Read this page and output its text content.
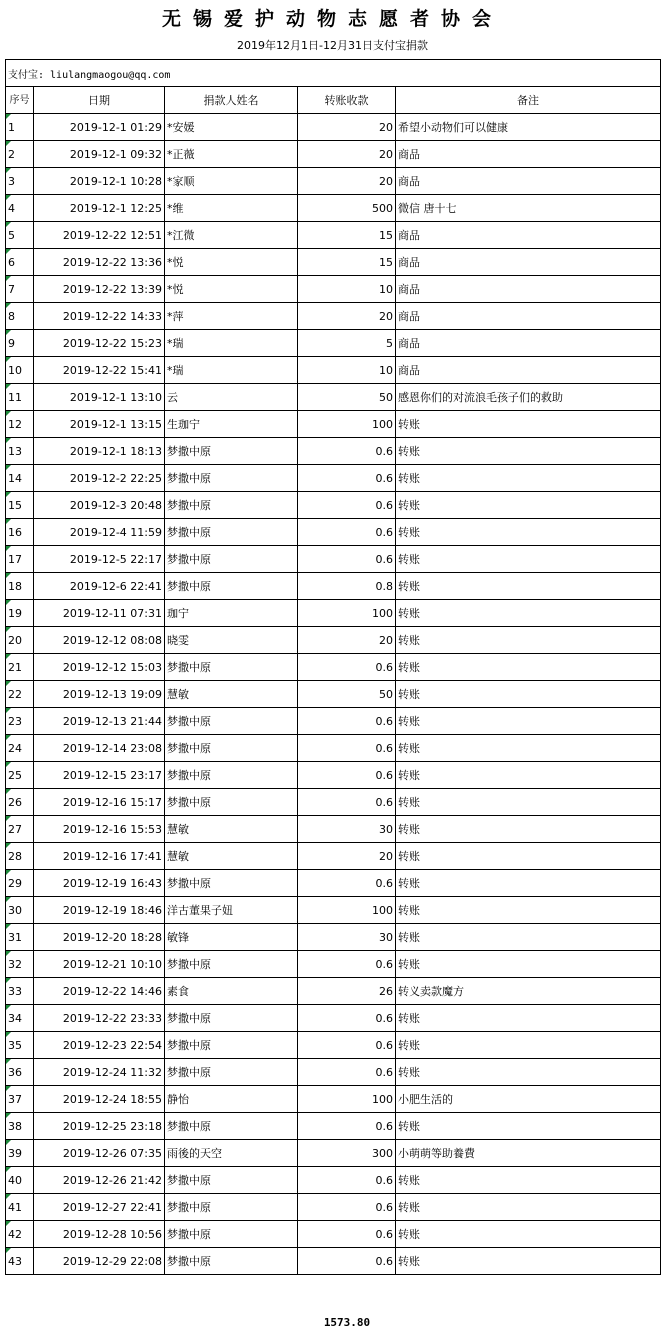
无锡爱护动物志愿者协会
2019年12月1日-12月31日支付宝捐款
支付宝: liulangmaogou@qq.com				
序号	日期	捐款人姓名	转账收款	备注
1	2019-12-1 01:29	*安媛	20	希望小动物们可以健康
2	2019-12-1 09:32	*正薇	20	商品
3	2019-12-1 10:28	*家顺	20	商品
4	2019-12-1 12:25	*维	500	微信 唐十七
5	2019-12-22 12:51	*江微	15	商品
6	2019-12-22 13:36	*悦	15	商品
7	2019-12-22 13:39	*悦	10	商品
8	2019-12-22 14:33	*萍	20	商品
9	2019-12-22 15:23	*瑞	5	商品
10	2019-12-22 15:41	*瑞	10	商品
11	2019-12-1 13:10	云	50	感恩你们的对流浪毛孩子们的救助
12	2019-12-1 13:15	生珈宁	100	转账
13	2019-12-1 18:13	梦撒中原	0.6	转账
14	2019-12-2 22:25	梦撒中原	0.6	转账
15	2019-12-3 20:48	梦撒中原	0.6	转账
16	2019-12-4 11:59	梦撒中原	0.6	转账
17	2019-12-5 22:17	梦撒中原	0.6	转账
18	2019-12-6 22:41	梦撒中原	0.8	转账
19	2019-12-11 07:31	珈宁	100	转账
20	2019-12-12 08:08	晓雯	20	转账
21	2019-12-12 15:03	梦撒中原	0.6	转账
22	2019-12-13 19:09	慧敏	50	转账
23	2019-12-13 21:44	梦撒中原	0.6	转账
24	2019-12-14 23:08	梦撒中原	0.6	转账
25	2019-12-15 23:17	梦撒中原	0.6	转账
26	2019-12-16 15:17	梦撒中原	0.6	转账
27	2019-12-16 15:53	慧敏	30	转账
28	2019-12-16 17:41	慧敏	20	转账
29	2019-12-19 16:43	梦撒中原	0.6	转账
30	2019-12-19 18:46	洋古董果子妞	100	转账
31	2019-12-20 18:28	敏锋	30	转账
32	2019-12-21 10:10	梦撒中原	0.6	转账
33	2019-12-22 14:46	素食	26	转义卖款魔方
34	2019-12-22 23:33	梦撒中原	0.6	转账
35	2019-12-23 22:54	梦撒中原	0.6	转账
36	2019-12-24 11:32	梦撒中原	0.6	转账
37	2019-12-24 18:55	静怡	100	小肥生活的
38	2019-12-25 23:18	梦撒中原	0.6	转账
39	2019-12-26 07:35	雨後的天空	300	小萌萌等助養費
40	2019-12-26 21:42	梦撒中原	0.6	转账
41	2019-12-27 22:41	梦撒中原	0.6	转账
42	2019-12-28 10:56	梦撒中原	0.6	转账
43	2019-12-29 22:08	梦撒中原	0.6	转账
1573.80
